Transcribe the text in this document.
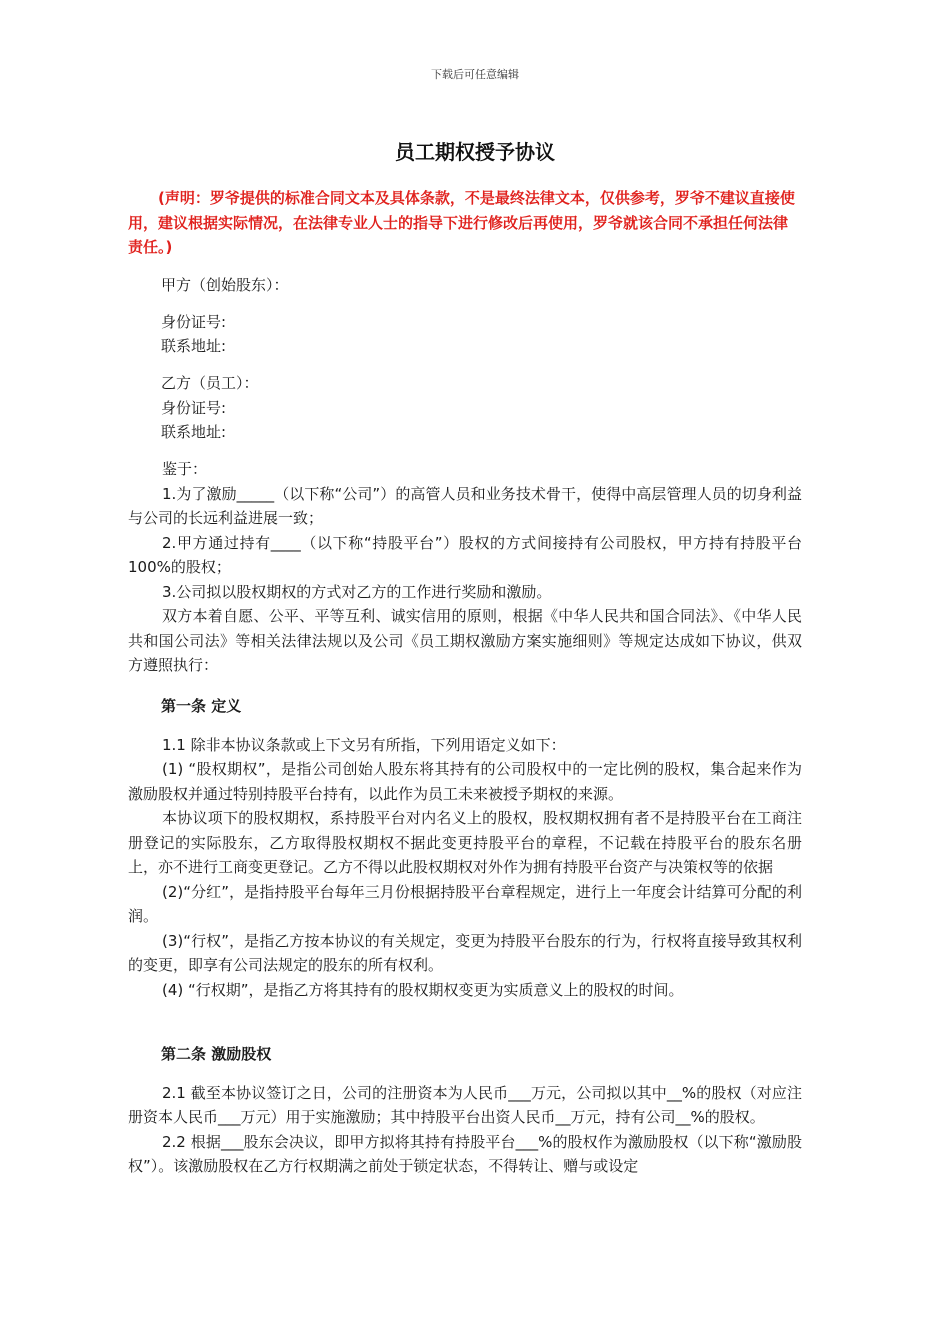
下载后可任意编辑
员工期权授予协议
(声明：罗爷提供的标准合同文本及具体条款，不是最终法律文本，仅供参考，罗爷不建议直接使用，建议根据实际情况，在法律专业人士的指导下进行修改后再使用，罗爷就该合同不承担任何法律责任。)
甲方（创始股东）：
身份证号:
联系地址:
乙方（员工）：
身份证号:
联系地址:
鉴于：
1.为了激励_____（以下称“公司”）的高管人员和业务技术骨干，使得中高层管理人员的切身利益与公司的长远利益进展一致；
2.甲方通过持有____（以下称“持股平台”）股权的方式间接持有公司股权，甲方持有持股平台 100%的股权；
3.公司拟以股权期权的方式对乙方的工作进行奖励和激励。
双方本着自愿、公平、平等互利、诚实信用的原则，根据《中华人民共和国合同法》、《中华人民共和国公司法》等相关法律法规以及公司《员工期权激励方案实施细则》等规定达成如下协议，供双方遵照执行：
第一条 定义
1.1 除非本协议条款或上下文另有所指，下列用语定义如下：
(1) “股权期权”，是指公司创始人股东将其持有的公司股权中的一定比例的股权，集合起来作为激励股权并通过特别持股平台持有，以此作为员工未来被授予期权的来源。
本协议项下的股权期权，系持股平台对内名义上的股权，股权期权拥有者不是持股平台在工商注册登记的实际股东，乙方取得股权期权不据此变更持股平台的章程，不记载在持股平台的股东名册上，亦不进行工商变更登记。乙方不得以此股权期权对外作为拥有持股平台资产与决策权等的依据
(2)“分红”，是指持股平台每年三月份根据持股平台章程规定，进行上一年度会计结算可分配的利润。
(3)“行权”，是指乙方按本协议的有关规定，变更为持股平台股东的行为，行权将直接导致其权利的变更，即享有公司法规定的股东的所有权利。
(4) “行权期”，是指乙方将其持有的股权期权变更为实质意义上的股权的时间。
第二条 激励股权
2.1 截至本协议签订之日，公司的注册资本为人民币___万元，公司拟以其中__%的股权（对应注册资本人民币___万元）用于实施激励；其中持股平台出资人民币__万元，持有公司__%的股权。
2.2 根据___股东会决议，即甲方拟将其持有持股平台___%的股权作为激励股权（以下称“激励股权”）。该激励股权在乙方行权期满之前处于锁定状态，不得转让、赠与或设定
